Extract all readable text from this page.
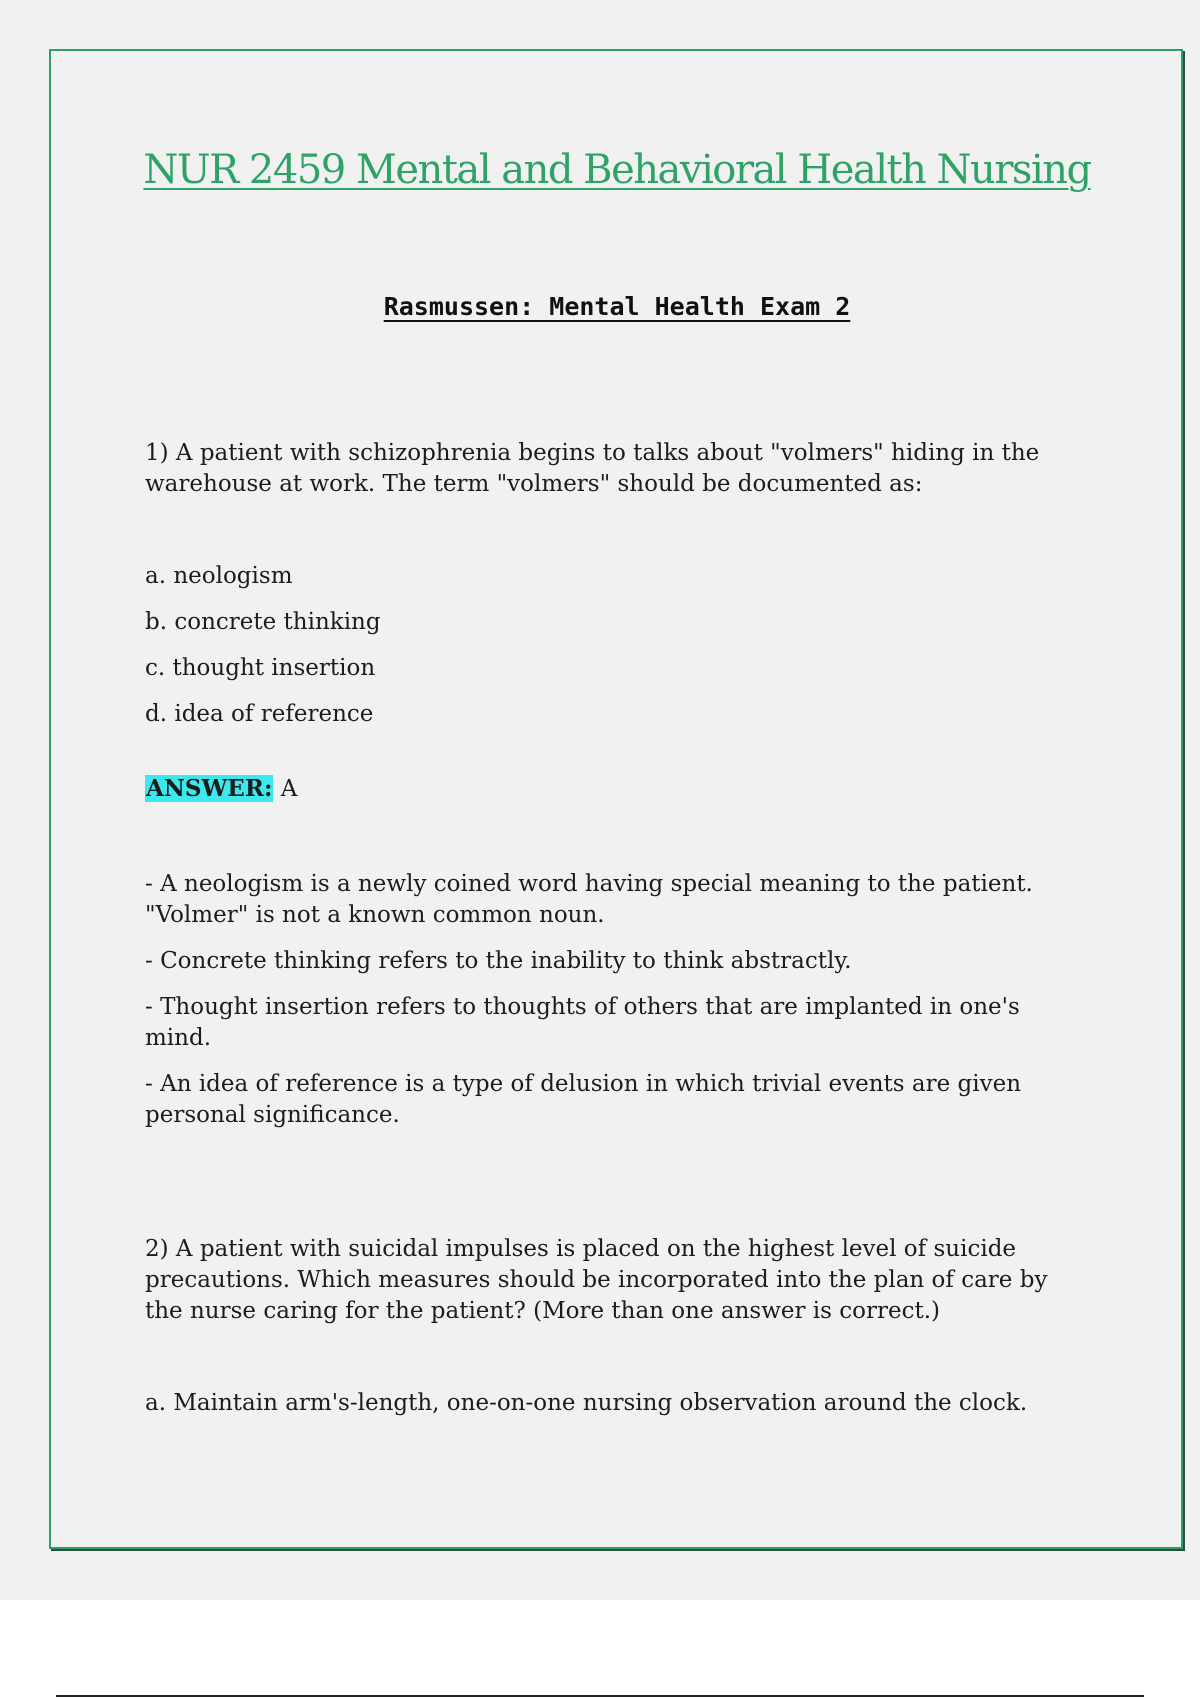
NUR 2459 Mental and Behavioral Health Nursing
Rasmussen: Mental Health Exam 2

1) A patient with schizophrenia begins to talks about "volmers" hiding in the warehouse at work. The term "volmers" should be documented as:

a. neologism

b. concrete thinking

c. thought insertion

d. idea of reference

ANSWER: A

- A neologism is a newly coined word having special meaning to the patient. "Volmer" is not a known common noun.

- Concrete thinking refers to the inability to think abstractly.

- Thought insertion refers to thoughts of others that are implanted in one's mind.

- An idea of reference is a type of delusion in which trivial events are given personal significance.

2) A patient with suicidal impulses is placed on the highest level of suicide precautions. Which measures should be incorporated into the plan of care by the nurse caring for the patient? (More than one answer is correct.)

a. Maintain arm's-length, one-on-one nursing observation around the clock.
